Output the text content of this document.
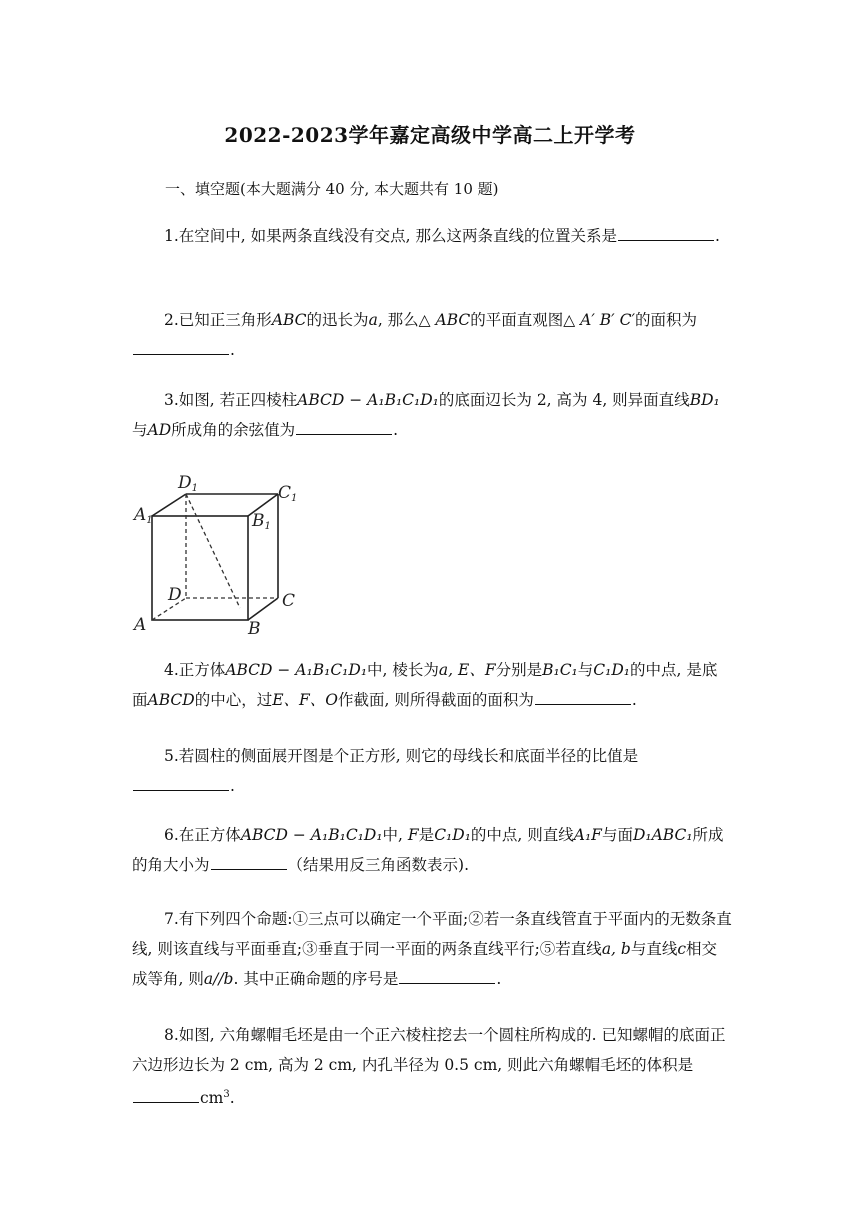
2022-2023学年嘉定高级中学高二上开学考
一、填空题(本大题满分 40 分, 本大题共有 10 题)
1.在空间中, 如果两条直线没有交点, 那么这两条直线的位置关系是	.
2.已知正三角形ABC的迅长为a, 那么△ ABC的平面直观图△ A′ B′ C′的面积为.
3.如图, 若正四棱柱ABCD − A₁B₁C₁D₁的底面辺长为 2, 高为 4, 则异面直线BD₁与AD所成角的余弦值为	.
D1	C1
A1	B1
D	C
A	B
4.正方体ABCD − A₁B₁C₁D₁中, 棱长为a, E、F分别是B₁C₁与C₁D₁的中点, 是底面ABCD的中心，过E、F、O作截面, 则所得截面的面积为	.
5.若圆柱的侧面展开图是个正方形, 则它的母线长和底面半径的比值是.
6.在正方体ABCD − A₁B₁C₁D₁中, F是C₁D₁的中点, 则直线A₁F与面D₁ABC₁所成的角大小为	（结果用反三角函数表示).
7.有下列四个命题:①三点可以确定一个平面;②若一条直线管直于平面内的无数条直线, 则该直线与平面垂直;③垂直于同一平面的两条直线平行;⑤若直线a, b与直线c相交成等角, 则a//b. 其中正确命题的序号是	.
8.如图, 六角螺帽毛坯是由一个正六棱柱挖去一个圆柱所构成的. 已知螺帽的底面正六边形边长为 2 cm, 高为 2 cm, 内孔半径为 0.5 cm, 则此六角螺帽毛坯的体积是$cm^3$.
